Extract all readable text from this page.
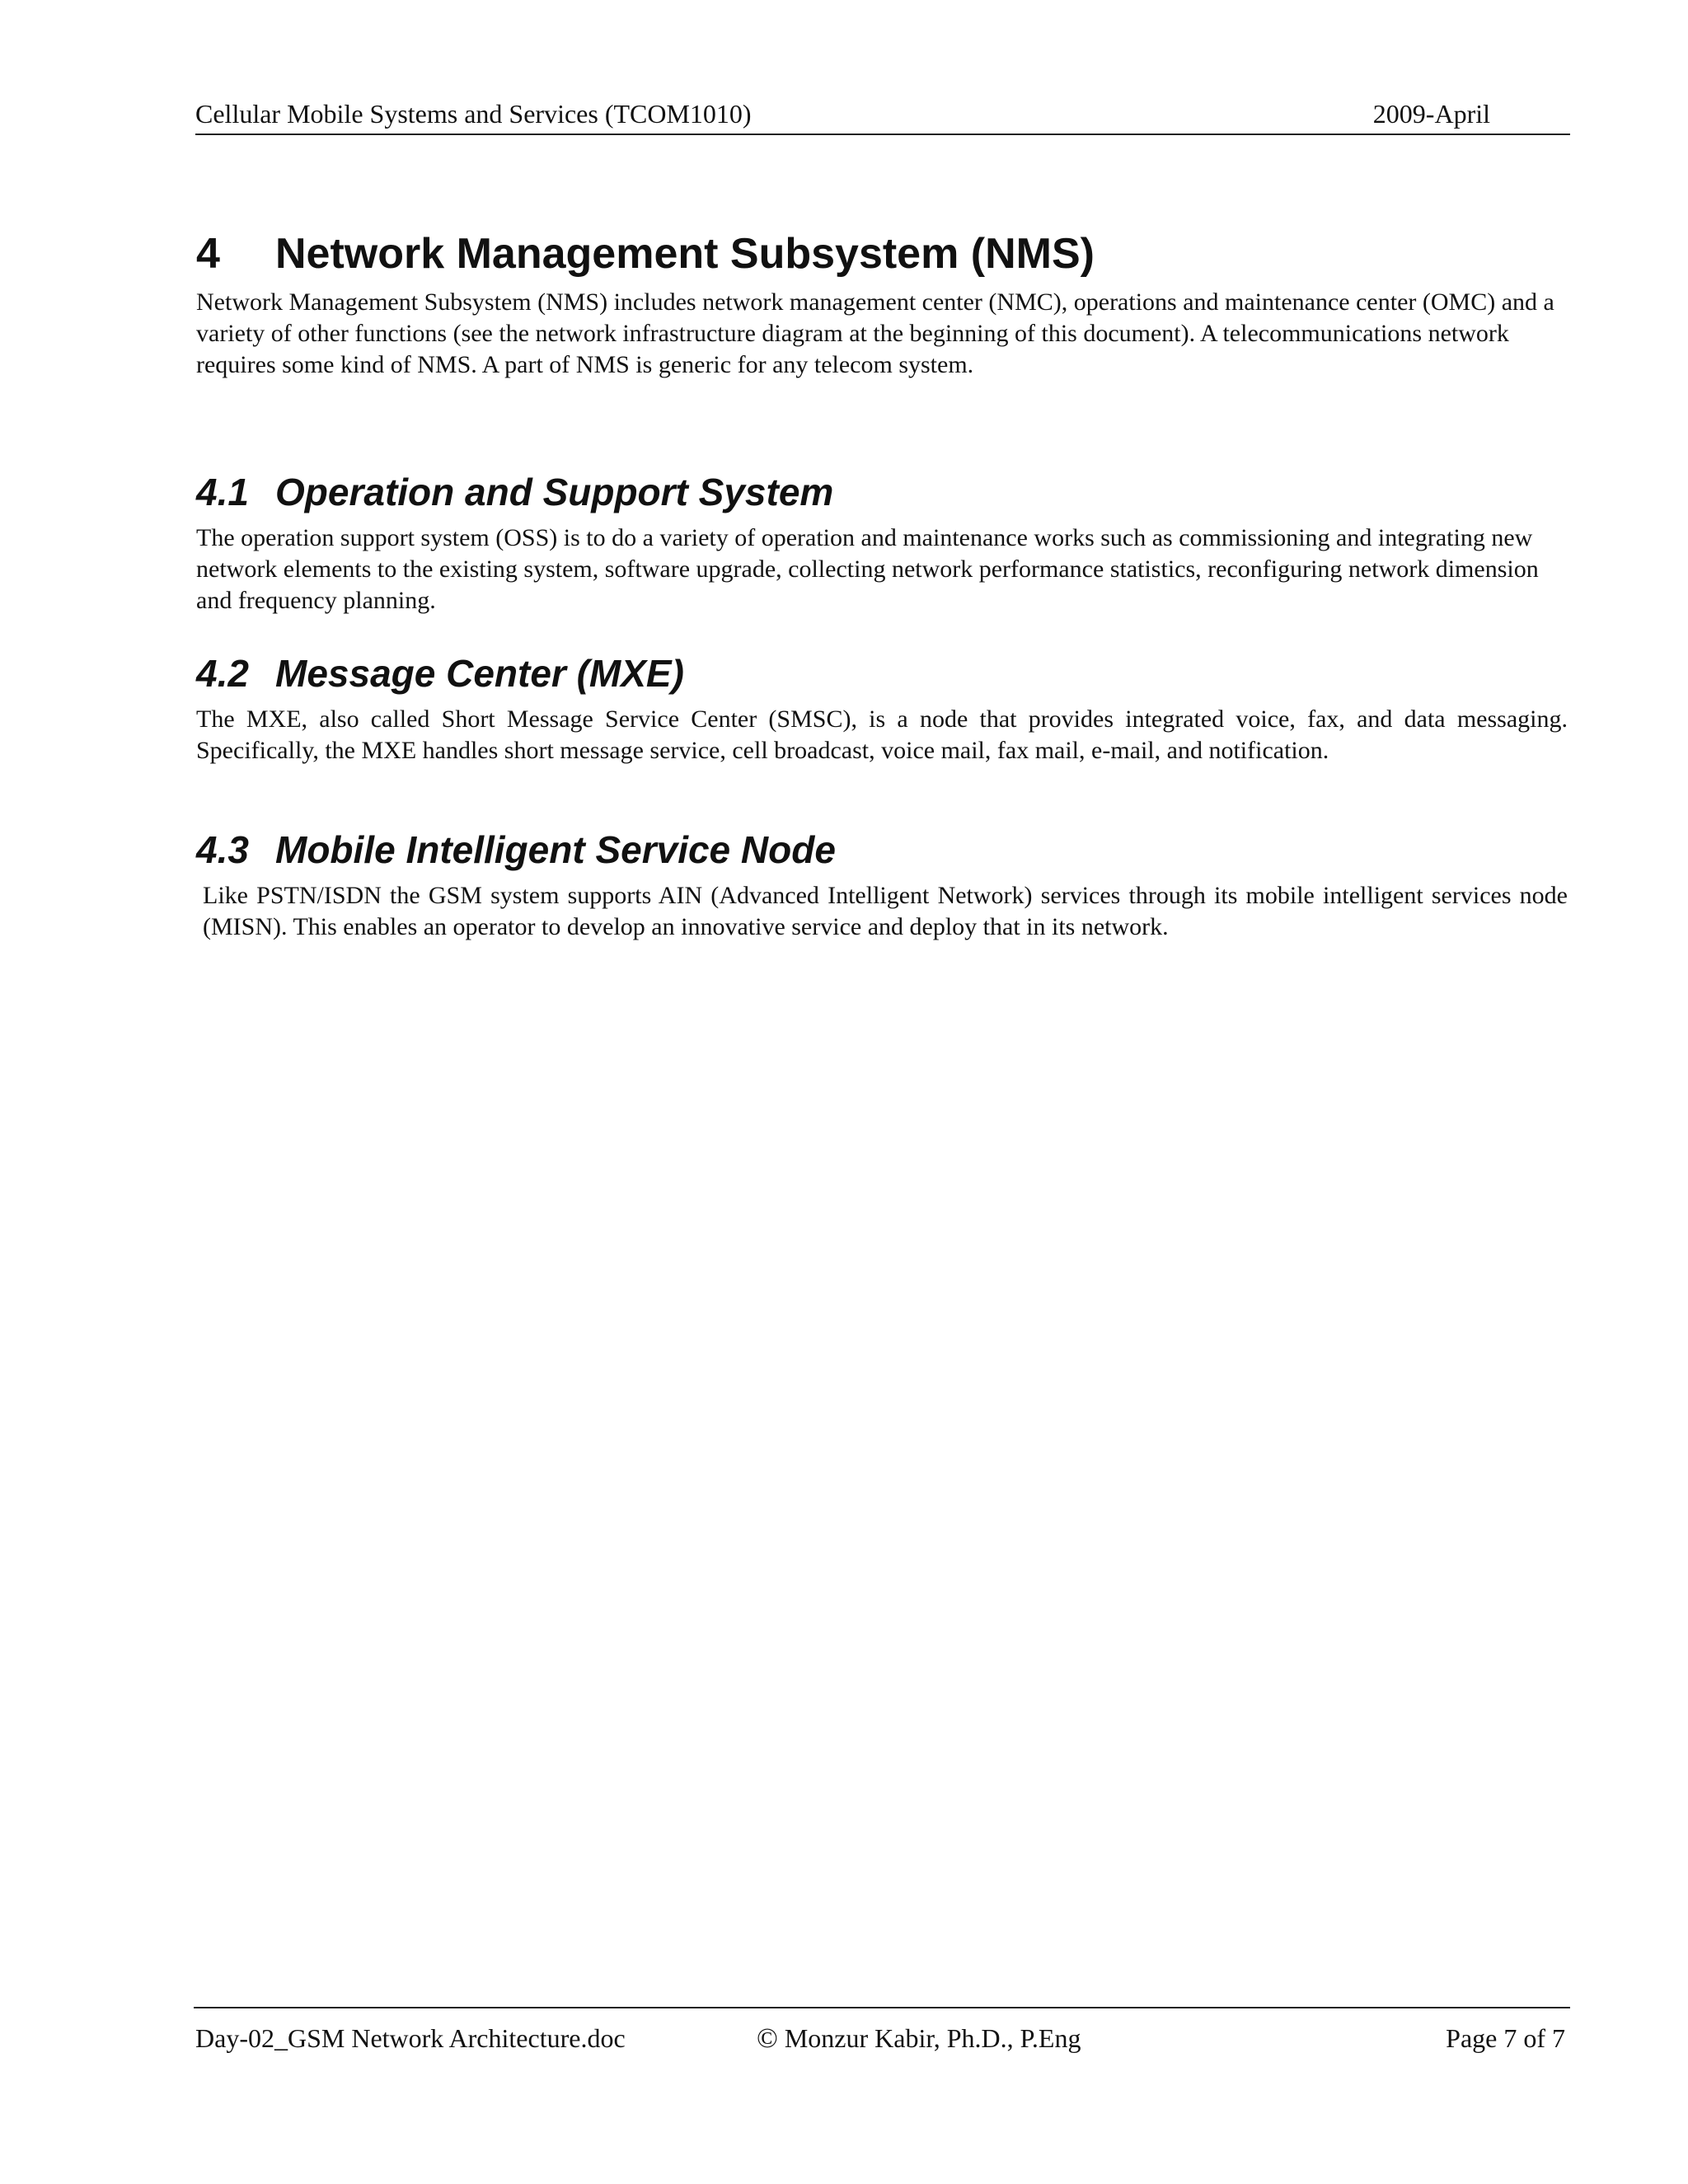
Cellular Mobile Systems and Services (TCOM1010)	2009-April
4 Network Management Subsystem (NMS)

Network Management Subsystem (NMS) includes network management center (NMC), operations and maintenance center (OMC) and a variety of other functions (see the network infrastructure diagram at the beginning of this document). A telecommunications network requires some kind of NMS. A part of NMS is generic for any telecom system.

4.1 Operation and Support System

The operation support system (OSS) is to do a variety of operation and maintenance works such as commissioning and integrating new network elements to the existing system, software upgrade, collecting network performance statistics, reconfiguring network dimension and frequency planning.

4.2 Message Center (MXE)

The MXE, also called Short Message Service Center (SMSC), is a node that provides integrated voice, fax, and data messaging. Specifically, the MXE handles short message service, cell broadcast, voice mail, fax mail, e-mail, and notification.

4.3 Mobile Intelligent Service Node

Like PSTN/ISDN the GSM system supports AIN (Advanced Intelligent Network) services through its mobile intelligent services node (MISN). This enables an operator to develop an innovative service and deploy that in its network.

Day-02_GSM Network Architecture.doc	© Monzur Kabir, Ph.D., P.Eng	Page 7 of 7
